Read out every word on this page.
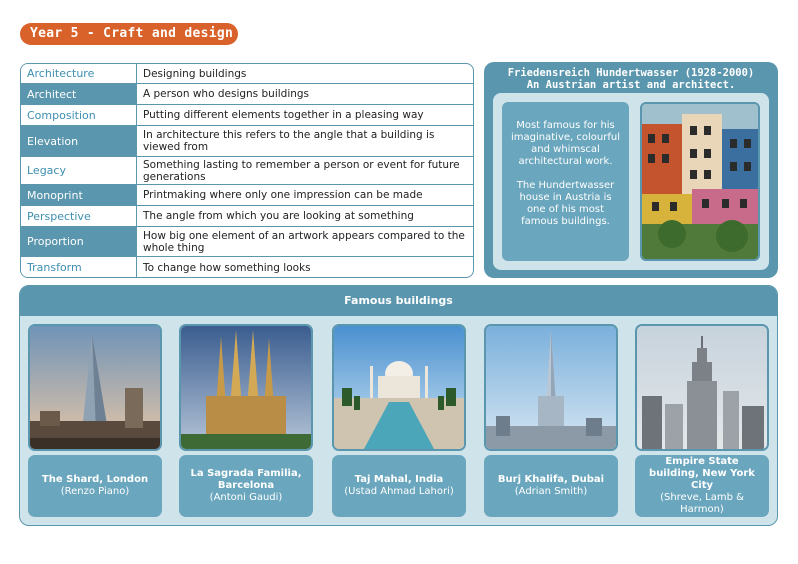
Year 5 - Craft and design
Architecture	Designing buildings
Architect	A person who designs buildings
Composition	Putting different elements together in a pleasing way
Elevation	In architecture this refers to the angle that a building is viewed from
Legacy	Something lasting to remember a person or event for future generations
Monoprint	Printmaking where only one impression can be made
Perspective	The angle from which you are looking at something
Proportion	How big one element of an artwork appears compared to the whole thing
Transform	To change how something looks
Friedensreich Hundertwasser (1928-2000)
An Austrian artist and architect.

Most famous for his imaginative, colourful and whimscal architectural work.

The Hundertwasser house in Austria is one of his most famous buildings.

Famous buildings
The Shard, London
(Renzo Piano)
La Sagrada Familia, Barcelona
(Antoni Gaudi)
Taj Mahal, India
(Ustad Ahmad Lahori)
Burj Khalifa, Dubai
(Adrian Smith)
Empire State building, New York City
(Shreve, Lamb & Harmon)
